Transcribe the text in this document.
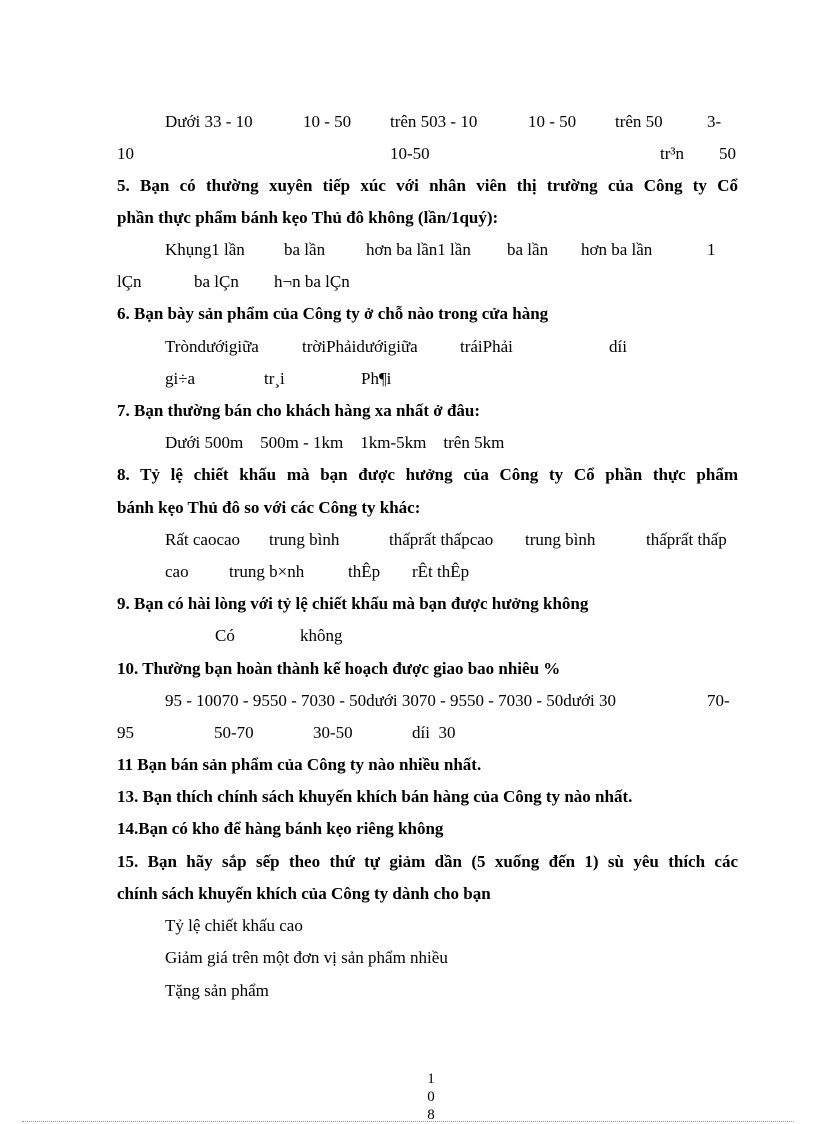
Dưới 33 - 10	10 - 50 trên 503 - 10	10 - 50 trên 50	3-
10	10-50	tr³n 50
5. Bạn có thường xuyên tiếp xúc với nhân viên thị trường của Công ty Cổ
phần thực phẩm bánh kẹo Thủ đô không (lần/1quý):
Khụng1 lần ba lần hơn ba lần1 lần ba lần hơn ba lần	1
lÇn	ba lÇn h¬n ba lÇn
6. Bạn bày sản phẩm của Công ty ở chỗ nào trong cửa hàng
Tròndướigiữa	trờiPhảidướigiữa tráiPhải	díi
gi÷a	tr¸i	Ph¶i
7. Bạn thường bán cho khách hàng xa nhất ở đâu:
Dưới 500m    500m - 1km    1km-5km    trên 5km
8. Tỷ lệ chiết khấu mà bạn được hưởng của Công ty Cổ phần thực phẩm
bánh kẹo Thủ đô so với các Công ty khác:
Rất caocao trung bình	thấprất thấpcao trung bình	thấprất thấp
cao trung b×nh	thÊp rÊt thÊp
9. Bạn có hài lòng với tỷ lệ chiết khấu mà bạn được hưởng không
Có	không
10. Thường bạn hoàn thành kế hoạch được giao bao nhiêu %
95 - 10070 - 9550 - 7030 - 50dưới 3070 - 9550 - 7030 - 50dưới 30	70-
95	50-70	30-50	díi  30
11 Bạn bán sản phẩm của Công ty nào nhiều nhất.
13. Bạn thích chính sách khuyến khích bán hàng của Công ty nào nhất.
14.Bạn có kho để hàng bánh kẹo riêng không
15. Bạn hãy sắp sếp theo thứ tự giảm dần (5 xuống đến 1) sù yêu thích các
chính sách khuyến khích của Công ty dành cho bạn
Tỷ lệ chiết khấu cao
Giảm giá trên một đơn vị sản phẩm nhiều
Tặng sản phẩm
1
0
8
